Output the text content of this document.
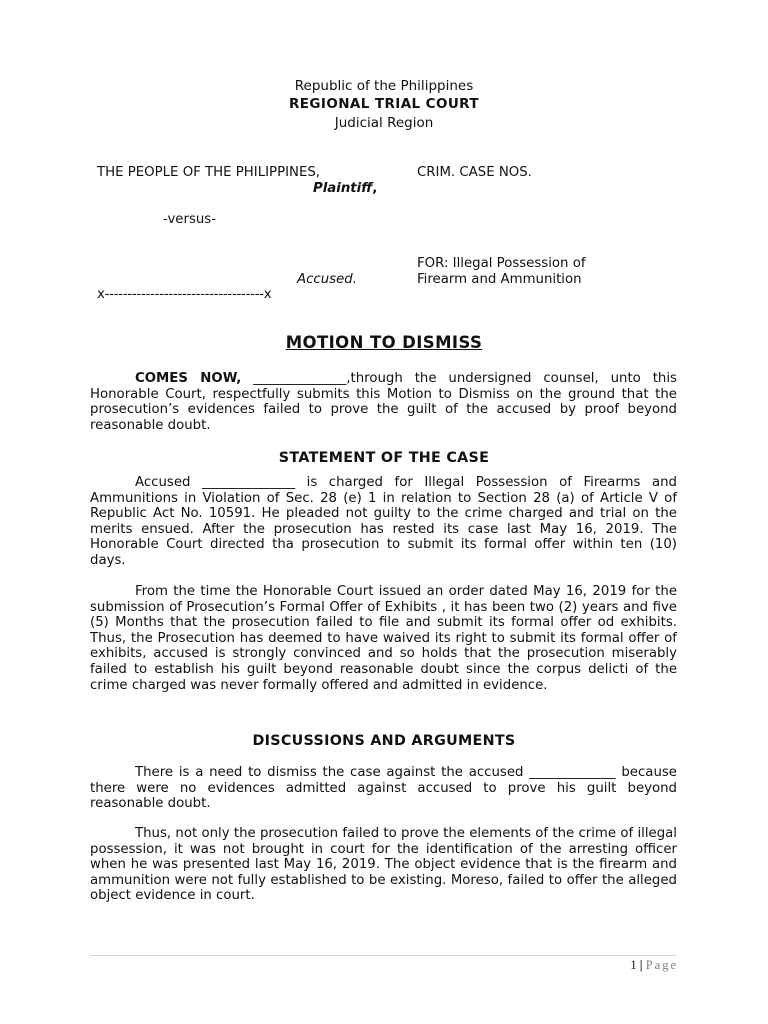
Republic of the Philippines
REGIONAL TRIAL COURT
Judicial Region
THE PEOPLE OF THE PHILIPPINES,
Plaintiff,
CRIM. CASE NOS.
-versus-
FOR: Illegal Possession of
Firearm and Ammunition
Accused.
x-----------------------------------x
MOTION TO DISMISS

COMES NOW, ______________,through the undersigned counsel, unto this Honorable Court, respectfully submits this Motion to Dismiss on the ground that the prosecution’s evidences failed to prove the guilt of the accused by proof beyond reasonable doubt.

STATEMENT OF THE CASE

Accused ______________ is charged for Illegal Possession of Firearms and Ammunitions in Violation of Sec. 28 (e) 1 in relation to Section 28 (a) of Article V of Republic Act No. 10591. He pleaded not guilty to the crime charged and trial on the merits ensued. After the prosecution has rested its case last May 16, 2019. The Honorable Court directed tha prosecution to submit its formal offer within ten (10) days.

From the time the Honorable Court issued an order dated May 16, 2019 for the submission of Prosecution’s Formal Offer of Exhibits , it has been two (2) years and five (5) Months that the prosecution failed to file and submit its formal offer od exhibits. Thus, the Prosecution has deemed to have waived its right to submit its formal offer of exhibits, accused is strongly convinced and so holds that the prosecution miserably failed to establish his guilt beyond reasonable doubt since the corpus delicti of the crime charged was never formally offered and admitted in evidence.

DISCUSSIONS AND ARGUMENTS

There is a need to dismiss the case against the accused _____________ because there were no evidences admitted against accused to prove his guilt beyond reasonable doubt.

Thus, not only the prosecution failed to prove the elements of the crime of illegal possession, it was not brought in court for the identification of the arresting officer when he was presented last May 16, 2019. The object evidence that is the firearm and ammunition were not fully established to be existing. Moreso, failed to offer the alleged object evidence in court.

1 | Page
